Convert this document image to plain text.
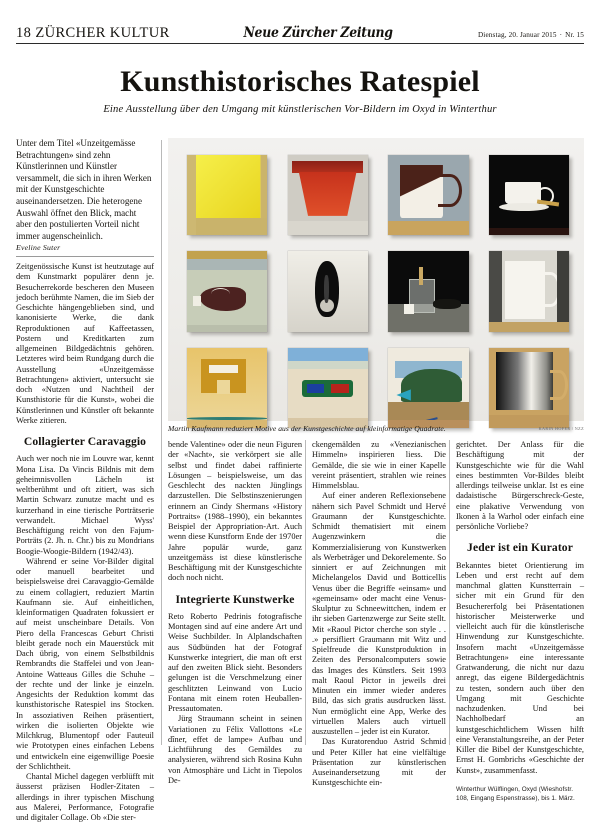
18 ZÜRCHER KULTUR	Neue Zürcher Zeitung	Dienstag, 20. Januar 2015 · Nr. 15
Kunsthistorisches Ratespiel
Eine Ausstellung über den Umgang mit künstlerischen Vor-Bildern im Oxyd in Winterthur
Unter dem Titel «Unzeitgemässe Betrachtungen» sind zehn Künstlerinnen und Künstler versammelt, die sich in ihren Werken mit der Kunstgeschichte auseinandersetzen. Die heterogene Auswahl öffnet den Blick, macht aber den postulierten Vorteil nicht immer augenscheinlich.
Eveline Suter
Martin Kaufmann reduziert Motive aus der Kunstgeschichte auf kleinformatige Quadrate.	KARIN HOFER / NZZ

Zeitgenössische Kunst ist heutzutage auf dem Kunstmarkt populärer denn je. Besucherrekorde bescheren den Museen jedoch berühmte Namen, die im Sieb der Geschichte hängengeblieben sind, und kanonisierte Werke, die dank Reproduktionen auf Kaffeetassen, Postern und Kreditkarten zum allgemeinen Bildgedächtnis gehören. Letzteres wird beim Rundgang durch die Ausstellung «Unzeitgemässe Betrachtungen» aktiviert, untersucht sie doch «Nutzen und Nachtheil der Kunsthistorie für die Kunst», wobei die Künstlerinnen und Künstler oft bekannte Werke zitieren.

Collagierter Caravaggio

Auch wer noch nie im Louvre war, kennt Mona Lisa. Da Vincis Bildnis mit dem geheimnisvollen Lächeln ist weltberühmt und oft zitiert, was sich Martin Schwarz zunutze macht und es kurzerhand in eine tierische Porträtserie verwandelt. Michael Wyss' Beschäftigung reicht von den Fajum-Porträts (2. Jh. n. Chr.) bis zu Mondrians Boogie-Woogie-Bildern (1942/43).

Während er seine Vor-Bilder digital oder manuell bearbeitet und beispielsweise drei Caravaggio-Gemälde zu einem collagiert, reduziert Martin Kaufmann sie. Auf einheitlichen, kleinformatigen Quadraten fokussiert er auf meist unscheinbare Details. Von Piero della Francescas Geburt Christi bleibt gerade noch ein Mauerstück mit Dach übrig, von einem Selbstbildnis Rembrandts die Staffelei und von Jean-Antoine Watteaus Gilles die Schuhe – der rechte und der linke je einzeln. Angesichts der Reduktion kommt das kunsthistorische Ratespiel ins Stocken. In assoziativen Reihen präsentiert, wirken die isolierten Objekte wie Milchkrug, Blumentopf oder Fauteuil wie Prototypen eines einfachen Lebens und entwickeln eine eigenwillige Poesie der Schlichtheit.

Chantal Michel dagegen verblüfft mit äusserst präzisen Hodler-Zitaten – allerdings in ihrer typischen Mischung aus Malerei, Performance, Fotografie und digitaler Collage. Ob «Die ster-

bende Valentine» oder die neun Figuren der «Nacht», sie verkörpert sie alle selbst und findet dabei raffinierte Lösungen – beispielsweise, um das Geschlecht des nackten Jünglings darzustellen. Die Selbstinszenierungen erinnern an Cindy Shermans «History Portraits» (1988–1990), ein bekanntes Beispiel der Appropriation-Art. Auch wenn diese Kunstform Ende der 1970er Jahre populär wurde, ganz unzeitgemäss ist diese künstlerische Beschäftigung mit der Kunstgeschichte doch noch nicht.

Integrierte Kunstwerke

Reto Roberto Pedrinis fotografische Montagen sind auf eine andere Art und Weise Suchbilder. In Alplandschaften aus Südbünden hat der Fotograf Kunstwerke integriert, die man oft erst auf den zweiten Blick sieht. Besonders gelungen ist die Verschmelzung einer geschlitzten Leinwand von Lucio Fontana mit einem roten Heuballen-Pressautomaten.

Jürg Straumann scheint in seinen Variationen zu Félix Vallottons «Le dîner, effet de lampe» Aufbau und Lichtführung des Gemäldes zu analysieren, während sich Rosina Kuhn von Atmosphäre und Licht in Tiepolos De-

ckengemälden zu «Venezianischen Himmeln» inspirieren liess. Die Gemälde, die sie wie in einer Kapelle vereint präsentiert, strahlen wie reines Himmelsblau.

Auf einer anderen Reflexionsebene nähern sich Pavel Schmidt und Hervé Graumann der Kunstgeschichte. Schmidt thematisiert mit einem Augenzwinkern die Kommerzialisierung von Kunstwerken als Werbeträger und Dekorelemente. So sinniert er auf Zeichnungen mit Michelangelos David und Botticellis Venus über die Begriffe «einsam» und «gemeinsam» oder macht eine Venus-Skulptur zu Schneewittchen, indem er ihr sieben Gartenzwerge zur Seite stellt. Mit «Raoul Pictor cherche son style . . .» persifliert Graumann mit Witz und Spielfreude die Kunstproduktion in Zeiten des Personalcomputers sowie das Images des Künstlers. Seit 1993 malt Raoul Pictor in jeweils drei Minuten ein immer wieder anderes Bild, das sich gratis ausdrucken lässt. Nun ermöglicht eine App, Werke des virtuellen Malers auch virtuell auszustellen – jeder ist ein Kurator.

Das Kuratorenduo Astrid Schmid und Peter Killer hat eine vielfältige Präsentation zur künstlerischen Auseinandersetzung mit der Kunstgeschichte ein-

gerichtet. Der Anlass für die Beschäftigung mit der Kunstgeschichte wie für die Wahl eines bestimmten Vor-Bildes bleibt allerdings teilweise unklar. Ist es eine dadaistische Bürgerschreck-Geste, eine plakative Verwendung von Ikonen à la Warhol oder einfach eine persönliche Vorliebe?

Jeder ist ein Kurator

Bekanntes bietet Orientierung im Leben und erst recht auf dem manchmal glatten Kunstterrain – sicher mit ein Grund für den Besuchererfolg bei Präsentationen historischer Meisterwerke und vielleicht auch für die künstlerische Hinwendung zur Kunstgeschichte. Insofern macht «Unzeitgemässe Betrachtungen» eine interessante Gratwanderung, die nicht nur dazu anregt, das eigene Bildergedächtnis zu testen, sondern auch über den Umgang mit Geschichte nachzudenken. Und bei Nachholbedarf an kunstgeschichtlichem Wissen hilft eine Veranstaltungsreihe, an der Peter Killer die Bibel der Kunstgeschichte, Ernst H. Gombrichs «Geschichte der Kunst», zusammenfasst.

Winterthur Wülflingen, Oxyd (Wieshofstr. 108, Eingang Espenstrasse), bis 1. März.
